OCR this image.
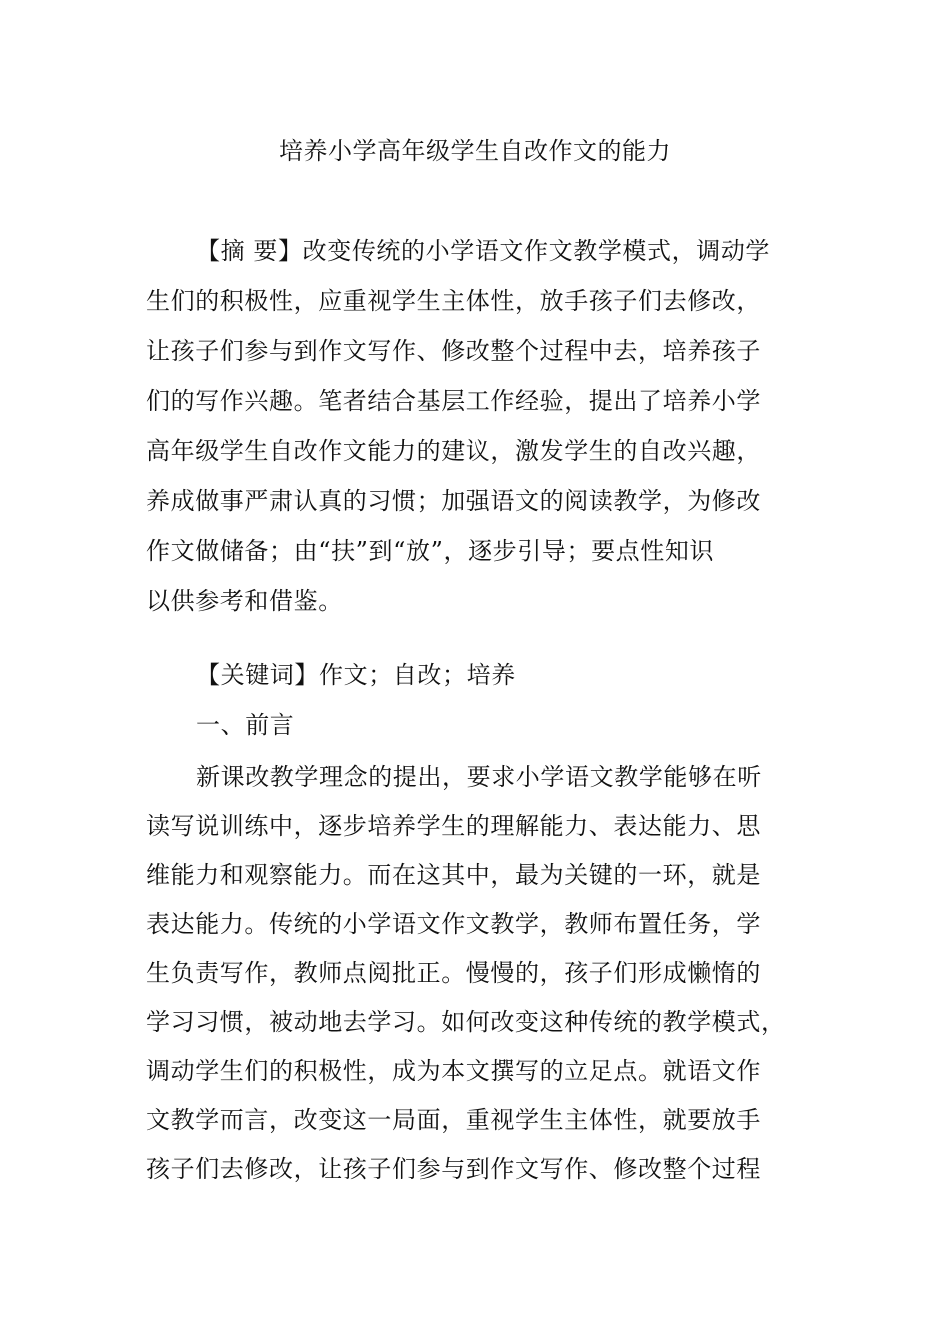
培养小学高年级学生自改作文的能力
【摘 要】改变传统的小学语文作文教学模式，调动学
生们的积极性，应重视学生主体性，放手孩子们去修改，
让孩子们参与到作文写作、修改整个过程中去，培养孩子
们的写作兴趣。笔者结合基层工作经验，提出了培养小学
高年级学生自改作文能力的建议，激发学生的自改兴趣，
养成做事严肃认真的习惯；加强语文的阅读教学，为修改
作文做储备；由“扶”到“放”，逐步引导；要点性知识
以供参考和借鉴。
【关键词】作文；自改；培养
一、前言
新课改教学理念的提出，要求小学语文教学能够在听
读写说训练中，逐步培养学生的理解能力、表达能力、思
维能力和观察能力。而在这其中，最为关键的一环，就是
表达能力。传统的小学语文作文教学，教师布置任务，学
生负责写作，教师点阅批正。慢慢的，孩子们形成懒惰的
学习习惯，被动地去学习。如何改变这种传统的教学模式，
调动学生们的积极性，成为本文撰写的立足点。就语文作
文教学而言，改变这一局面，重视学生主体性，就要放手
孩子们去修改，让孩子们参与到作文写作、修改整个过程
